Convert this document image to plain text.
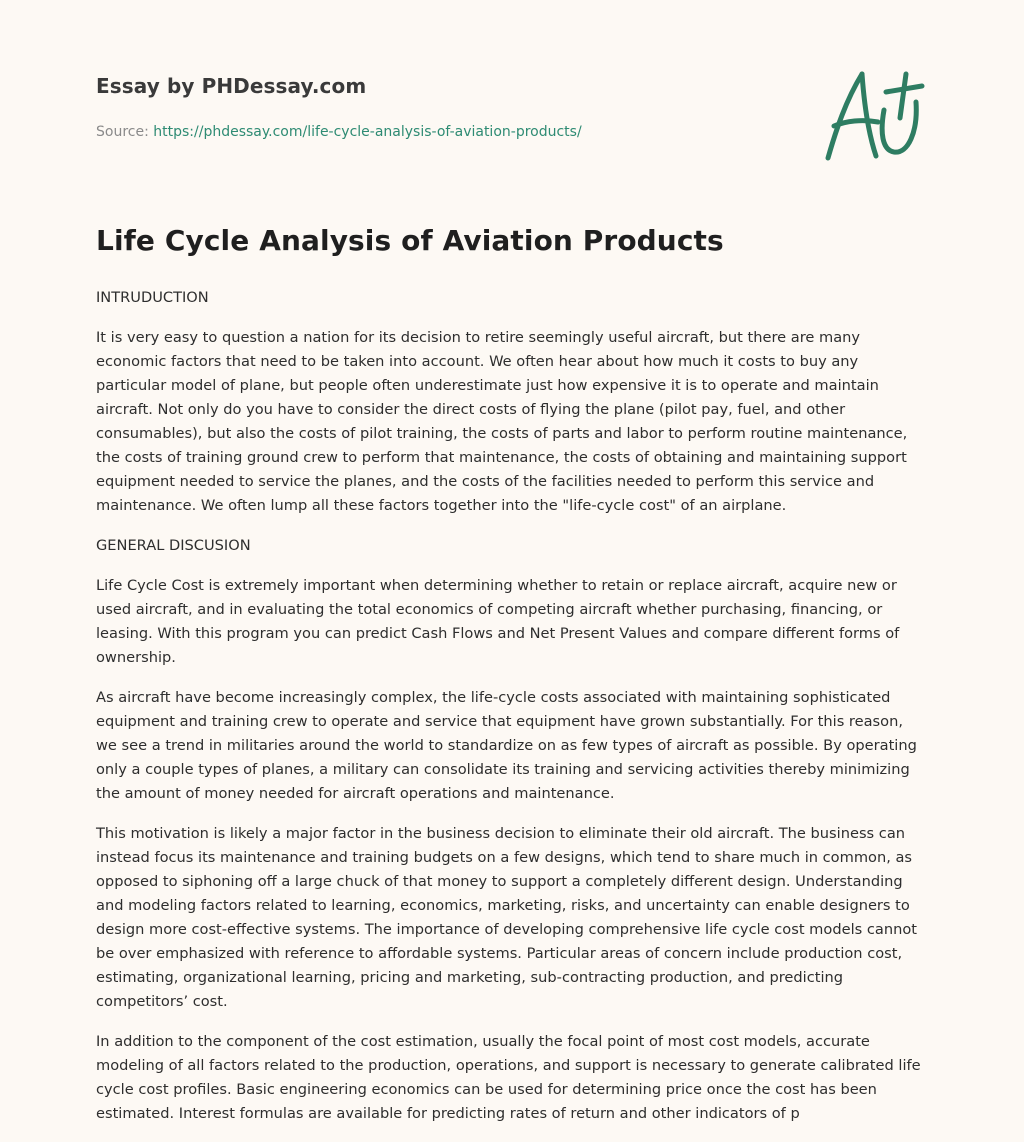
Essay by PHDessay.com
Source: https://phdessay.com/life-cycle-analysis-of-aviation-products/
Life Cycle Analysis of Aviation Products

INTRUDUCTION

It is very easy to question a nation for its decision to retire seemingly useful aircraft, but there are many economic factors that need to be taken into account. We often hear about how much it costs to buy any particular model of plane, but people often underestimate just how expensive it is to operate and maintain aircraft. Not only do you have to consider the direct costs of flying the plane (pilot pay, fuel, and other consumables), but also the costs of pilot training, the costs of parts and labor to perform routine maintenance, the costs of training ground crew to perform that maintenance, the costs of obtaining and maintaining support equipment needed to service the planes, and the costs of the facilities needed to perform this service and maintenance. We often lump all these factors together into the "life-cycle cost" of an airplane.

GENERAL DISCUSION

Life Cycle Cost is extremely important when determining whether to retain or replace aircraft, acquire new or used aircraft, and in evaluating the total economics of competing aircraft whether purchasing, financing, or leasing. With this program you can predict Cash Flows and Net Present Values and compare different forms of ownership.

As aircraft have become increasingly complex, the life-cycle costs associated with maintaining sophisticated equipment and training crew to operate and service that equipment have grown substantially. For this reason, we see a trend in militaries around the world to standardize on as few types of aircraft as possible. By operating only a couple types of planes, a military can consolidate its training and servicing activities thereby minimizing the amount of money needed for aircraft operations and maintenance.

This motivation is likely a major factor in the business decision to eliminate their old aircraft. The business can instead focus its maintenance and training budgets on a few designs, which tend to share much in common, as opposed to siphoning off a large chuck of that money to support a completely different design. Understanding and modeling factors related to learning, economics, marketing, risks, and uncertainty can enable designers to design more cost-effective systems. The importance of developing comprehensive life cycle cost models cannot be over emphasized with reference to affordable systems. Particular areas of concern include production cost, estimating, organizational learning, pricing and marketing, sub-contracting production, and predicting competitors’ cost.

In addition to the component of the cost estimation, usually the focal point of most cost models, accurate modeling of all factors related to the production, operations, and support is necessary to generate calibrated life cycle cost profiles. Basic engineering economics can be used for determining price once the cost has been estimated. Interest formulas are available for predicting rates of return and other indicators of p
